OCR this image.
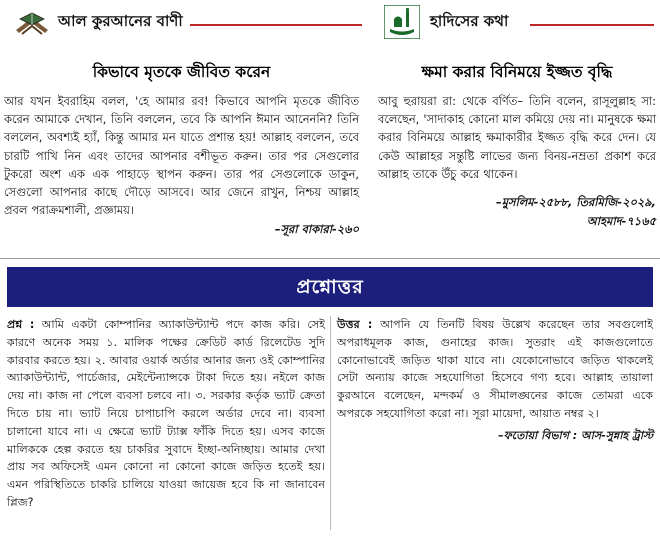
আল কুরআনের বাণী
কিভাবে মৃতকে জীবিত করেন

আর যখন ইবরাহিম বলল, 'হে আমার রব! কিভাবে আপনি মৃতকে জীবিত করেন আমাকে দেখান, তিনি বললেন, তবে কি আপনি ঈমান আনেননি? তিনি বললেন, অবশ্যই হ্যাঁ, কিন্তু আমার মন যাতে প্রশান্ত হয়! আল্লাহ বললেন, তবে চারটি পাখি নিন এবং তাদের আপনার বশীভূত করুন। তার পর সেগুলোর টুকরো অংশ এক এক পাহাড়ে স্থাপন করুন। তার পর সেগুলোকে ডাকুন, সেগুলো আপনার কাছে দৌড়ে আসবে। আর জেনে রাখুন, নিশ্চয় আল্লাহ প্রবল পরাক্রমশালী, প্রজ্ঞাময়।

–সূরা বাকারা-২৬০
হাদিসের কথা
ক্ষমা করার বিনিময়ে ইজ্জত বৃদ্ধি

আবু হুরায়রা রা: থেকে বর্ণিত– তিনি বলেন, রাসূলুল্লাহ সা: বলেছেন, 'সাদাকাহ কোনো মাল কমিয়ে দেয় না। মানুষকে ক্ষমা করার বিনিময়ে আল্লাহ ক্ষমাকারীর ইজ্জত বৃদ্ধি করে দেন। যে কেউ আল্লাহর সন্তুষ্টি লাভের জন্য বিনয়-নম্রতা প্রকাশ করে আল্লাহ তাকে উঁচু করে থাকেন।

–মুসলিম-২৫৮৮, তিরমিজি-২০২৯,
আহমাদ-৭১৬৫
প্রশ্নোত্তর

প্রশ্ন : আমি একটা কোম্পানির অ্যাকাউন্ট্যান্ট পদে কাজ করি। সেই কারণে অনেক সময় ১. মালিক পক্ষের ক্রেডিট কার্ড রিলেটেড সুদি কারবার করতে হয়। ২. আবার ওয়ার্ক অর্ডার আনার জন্য ওই কোম্পানির অ্যাকাউন্ট্যান্ট, পার্চেজার, মেইন্টেন্যান্সকে টাকা দিতে হয়। নইলে কাজ দেয় না। কাজ না পেলে ব্যবসা চলবে না। ৩. সরকার কর্তৃক ভ্যাট ক্রেতা দিতে চায় না। ভ্যাট নিয়ে চাপাচাপি করলে অর্ডার দেবে না। ব্যবসা চালানো যাবে না। এ ক্ষেত্রে ভ্যাট ট্যাক্স ফাঁকি দিতে হয়। এসব কাজে মালিককে হেল্প করতে হয় চাকরির সুবাদে ইচ্ছা-অনিচ্ছায়। আমার দেখা প্রায় সব অফিসেই এমন কোনো না কোনো কাজে জড়িত হতেই হয়। এমন পরিস্থিতিতে চাকরি চালিয়ে যাওয়া জায়েজ হবে কি না জানাবেন প্লিজ?

উত্তর : আপনি যে তিনটি বিষয় উল্লেখ করেছেন তার সবগুলোই অপরাধমূলক কাজ, গুনাহের কাজ। সুতরাং এই কাজগুলোতে কোনোভাবেই জড়িত থাকা যাবে না। যেকোনোভাবে জড়িত থাকলেই সেটা অন্যায় কাজে সহযোগিতা হিসেবে গণ্য হবে। আল্লাহ তায়ালা কুরআনে বলেছেন, মন্দকর্ম ও সীমালঙ্ঘনের কাজে তোমরা একে অপরকে সহযোগিতা করো না। সূরা মায়েদা, আয়াত নম্বর ২।

–ফতোয়া বিভাগ : আস-সুন্নাহ ট্রাস্ট
